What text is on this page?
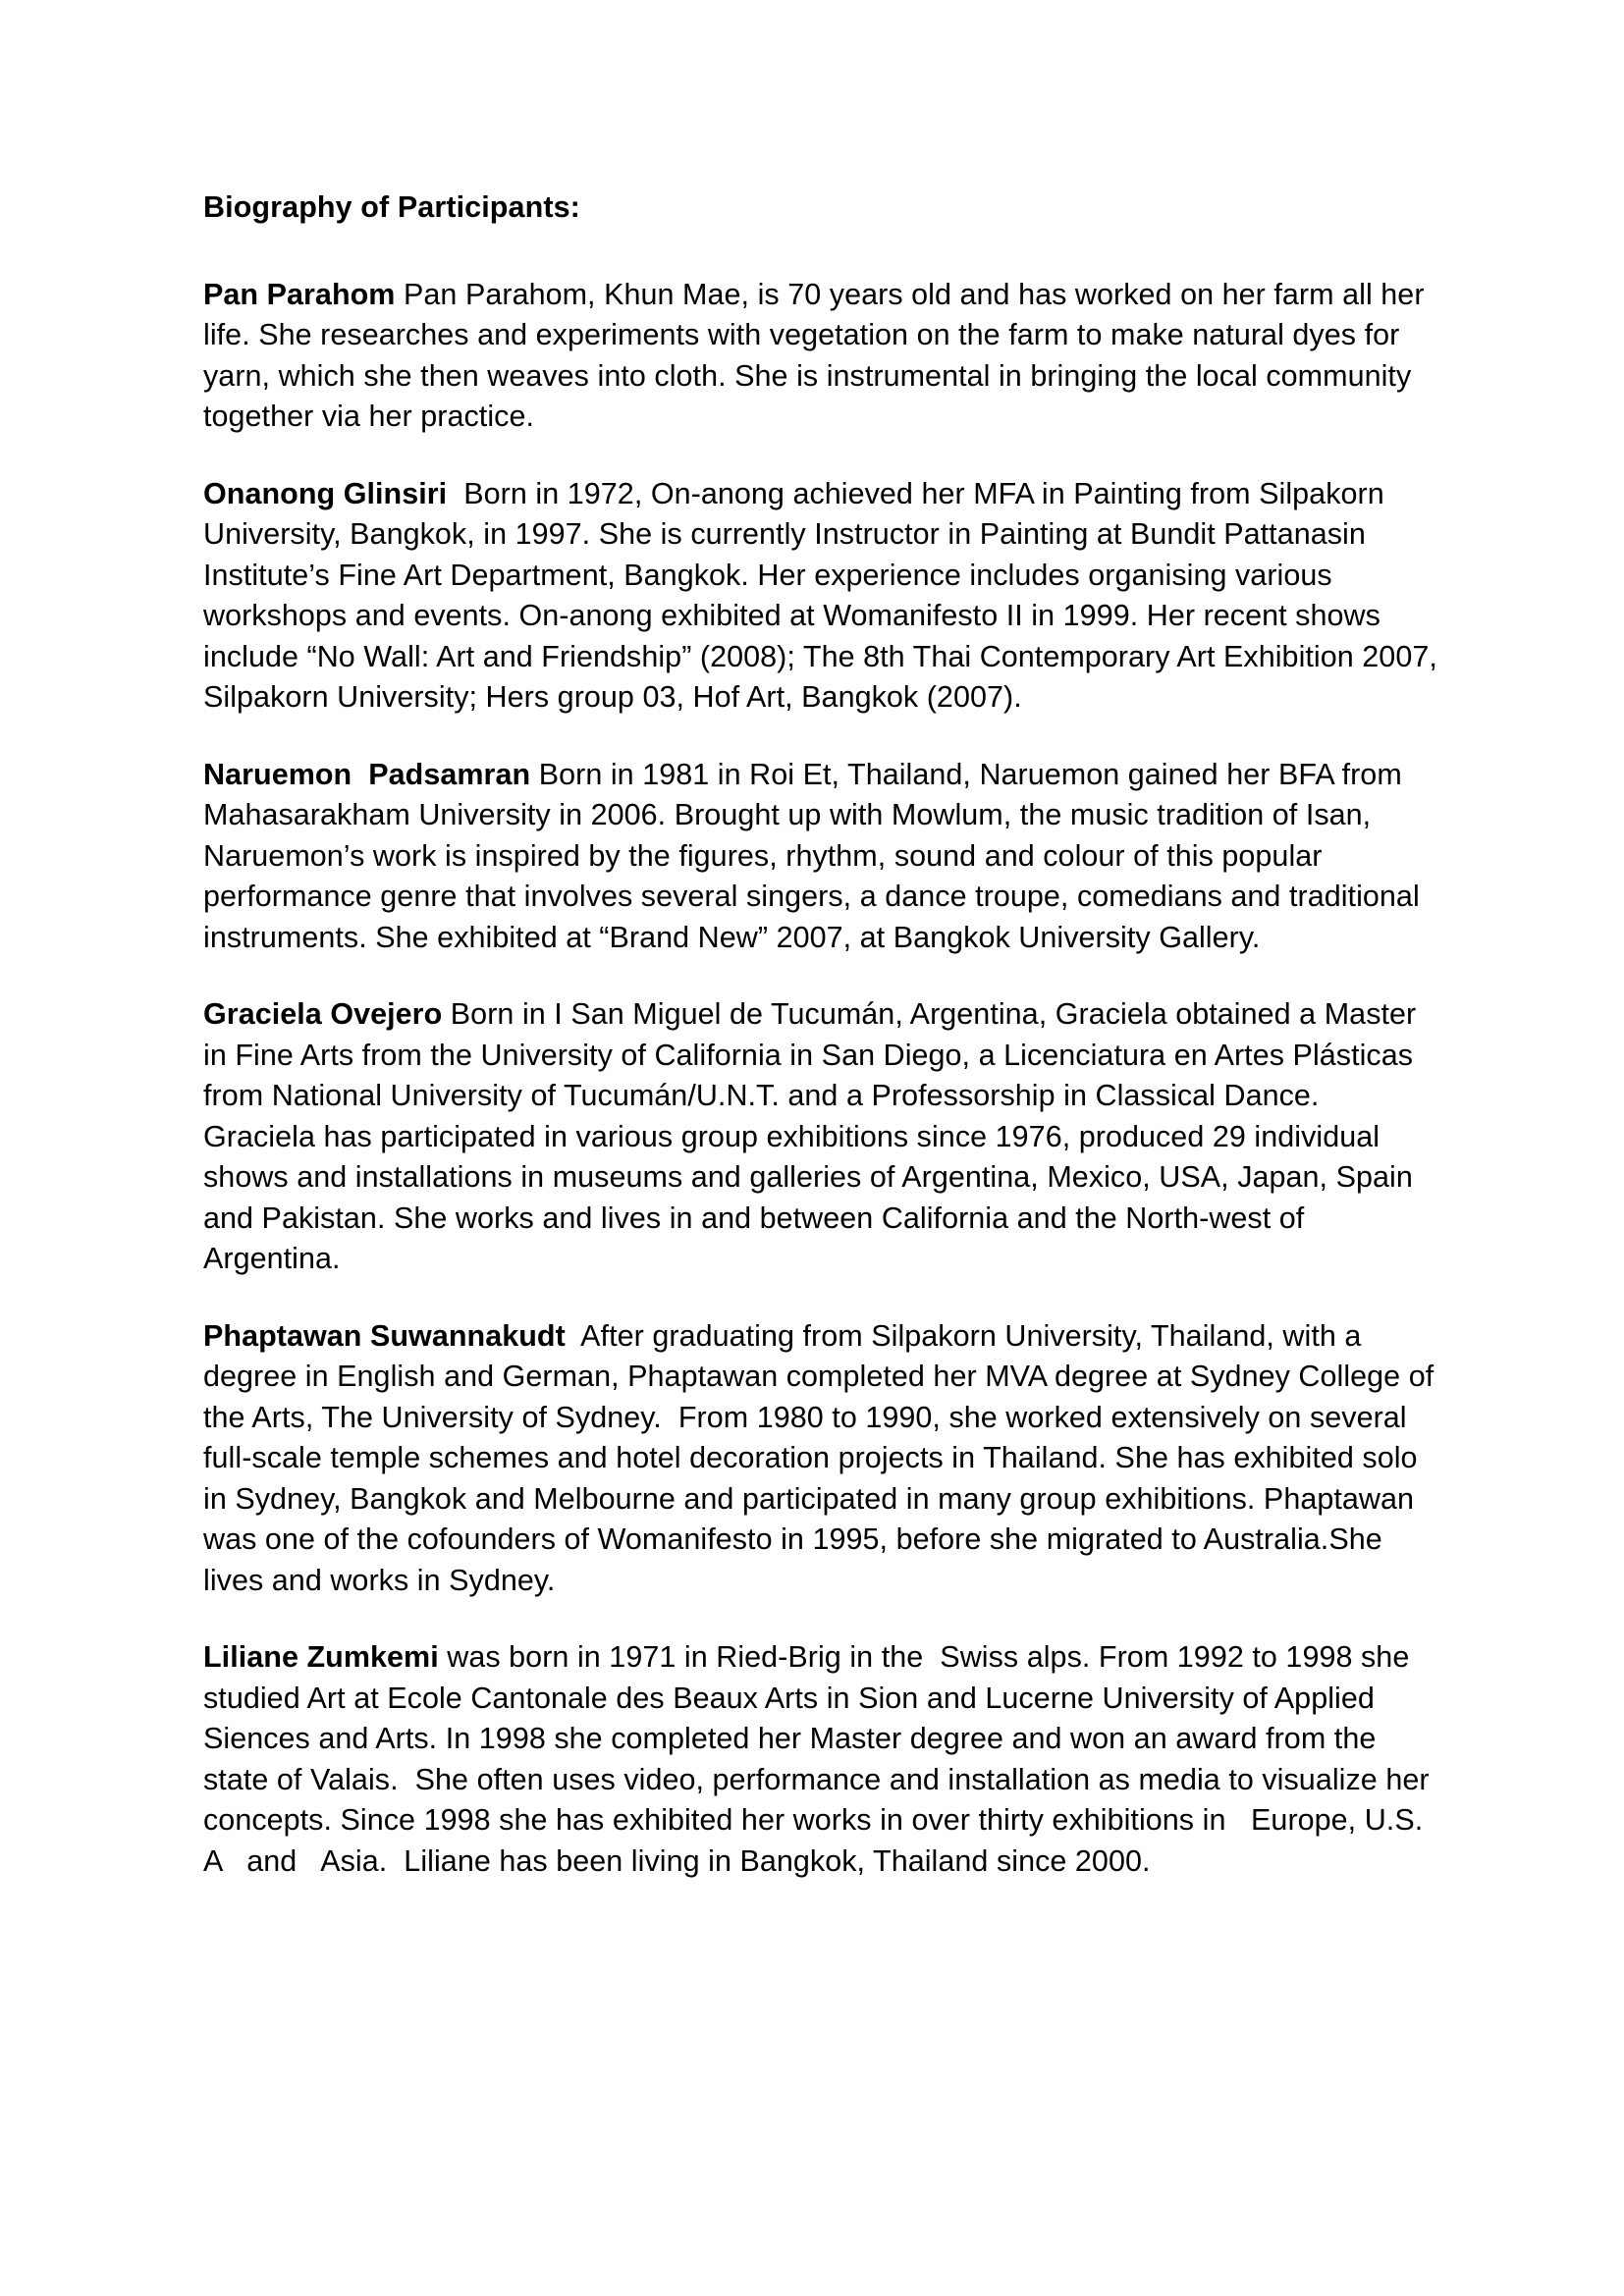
Biography of Participants:

Pan Parahom Pan Parahom, Khun Mae, is 70 years old and has worked on her farm all her life. She researches and experiments with vegetation on the farm to make natural dyes for yarn, which she then weaves into cloth. She is instrumental in bringing the local community together via her practice.

Onanong Glinsiri  Born in 1972, On-anong achieved her MFA in Painting from Silpakorn University, Bangkok, in 1997. She is currently Instructor in Painting at Bundit Pattanasin Institute’s Fine Art Department, Bangkok. Her experience includes organising various workshops and events. On-anong exhibited at Womanifesto II in 1999. Her recent shows include “No Wall: Art and Friendship” (2008); The 8th Thai Contemporary Art Exhibition 2007, Silpakorn University; Hers group 03, Hof Art, Bangkok (2007).

Naruemon  Padsamran Born in 1981 in Roi Et, Thailand, Naruemon gained her BFA from  Mahasarakham University in 2006. Brought up with Mowlum, the music tradition of Isan, Naruemon’s work is inspired by the figures, rhythm, sound and colour of this popular performance genre that involves several singers, a dance troupe, comedians and traditional instruments. She exhibited at “Brand New” 2007, at Bangkok University Gallery.

Graciela Ovejero Born in I San Miguel de Tucumán, Argentina, Graciela obtained a Master in Fine Arts from the University of California in San Diego, a Licenciatura en Artes Plásticas from National University of Tucumán/U.N.T. and a Professorship in Classical Dance. Graciela has participated in various group exhibitions since 1976, produced 29 individual shows and installations in museums and galleries of Argentina, Mexico, USA, Japan, Spain and Pakistan. She works and lives in and between California and the North-west of Argentina.

Phaptawan Suwannakudt  After graduating from Silpakorn University, Thailand, with a degree in English and German, Phaptawan completed her MVA degree at Sydney College of the Arts, The University of Sydney.  From 1980 to 1990, she worked extensively on several full-scale temple schemes and hotel decoration projects in Thailand. She has exhibited solo in Sydney, Bangkok and Melbourne and participated in many group exhibitions. Phaptawan was one of the cofounders of Womanifesto in 1995, before she migrated to Australia.She lives and works in Sydney.

Liliane Zumkemi was born in 1971 in Ried-Brig in the  Swiss alps. From 1992 to 1998 she studied Art at Ecole Cantonale des Beaux Arts in Sion and Lucerne University of Applied Siences and Arts. In 1998 she completed her Master degree and won an award from the state of Valais.  She often uses video, performance and installation as media to visualize her concepts. Since 1998 she has exhibited her works in over thirty exhibitions in   Europe, U.S. A   and   Asia.  Liliane has been living in Bangkok, Thailand since 2000.
